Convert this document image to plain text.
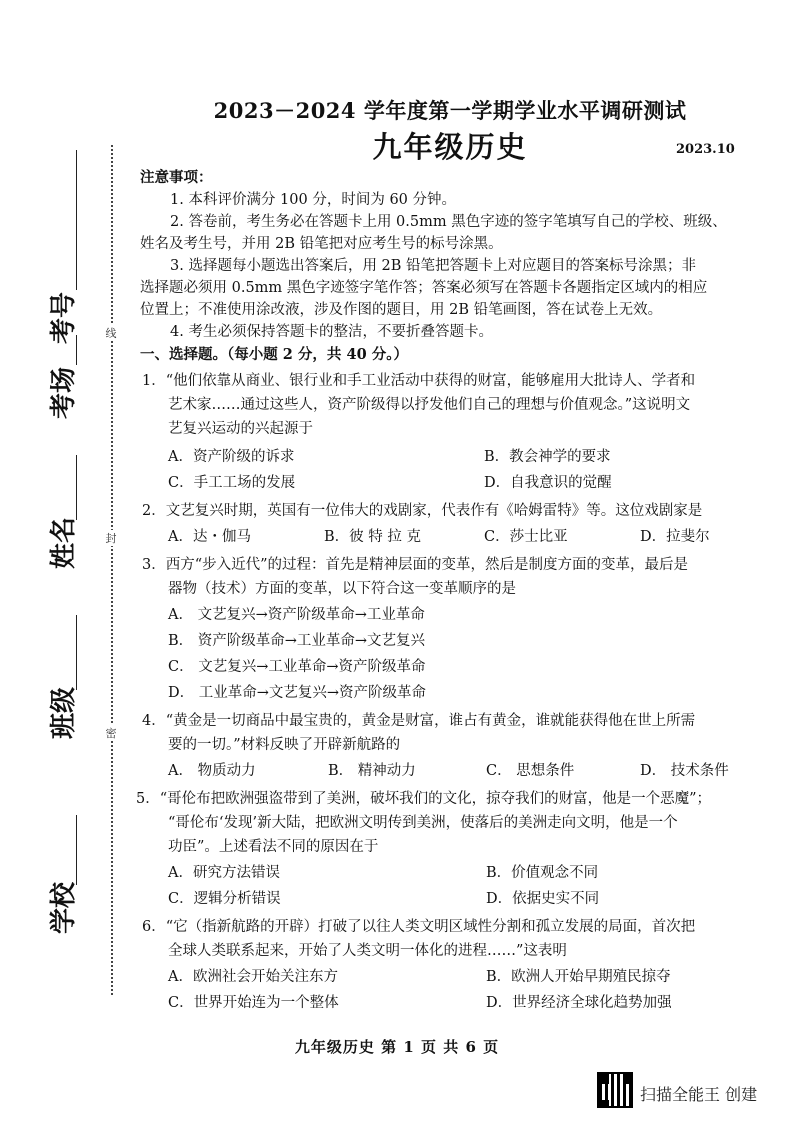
线
封
密
考号
考场
姓名
班级
学校
2023－2024 学年度第一学期学业水平调研测试
九年级历史	2023.10
注意事项：
1. 本科评价满分 100 分，时间为 60 分钟。
2. 答卷前，考生务必在答题卡上用 0.5mm 黑色字迹的签字笔填写自己的学校、班级、
姓名及考生号，并用 2B 铅笔把对应考生号的标号涂黑。
3. 选择题每小题选出答案后，用 2B 铅笔把答题卡上对应题目的答案标号涂黑；非
选择题必须用 0.5mm 黑色字迹签字笔作答；答案必须写在答题卡各题指定区域内的相应
位置上；不准使用涂改液，涉及作图的题目，用 2B 铅笔画图，答在试卷上无效。
4. 考生必须保持答题卡的整洁，不要折叠答题卡。
一、选择题。（每小题 2 分，共 40 分。）
1．“他们依靠从商业、银行业和手工业活动中获得的财富，能够雇用大批诗人、学者和
艺术家……通过这些人，资产阶级得以抒发他们自己的理想与价值观念。”这说明文
艺复兴运动的兴起源于
A．资产阶级的诉求	B．教会神学的要求
C．手工工场的发展	D．自我意识的觉醒
2．文艺复兴时期，英国有一位伟大的戏剧家，代表作有《哈姆雷特》等。这位戏剧家是
A．达・伽马	B．彼 特 拉 克	C．莎士比亚	D．拉斐尔
3．西方“步入近代”的过程：首先是精神层面的变革，然后是制度方面的变革，最后是
器物（技术）方面的变革，以下符合这一变革顺序的是
A． 文艺复兴→资产阶级革命→工业革命
B． 资产阶级革命→工业革命→文艺复兴
C． 文艺复兴→工业革命→资产阶级革命
D． 工业革命→文艺复兴→资产阶级革命
4．“黄金是一切商品中最宝贵的，黄金是财富，谁占有黄金，谁就能获得他在世上所需
要的一切。”材料反映了开辟新航路的
A． 物质动力	B． 精神动力	C． 思想条件	D． 技术条件
5．“哥伦布把欧洲强盗带到了美洲，破坏我们的文化，掠夺我们的财富，他是一个恶魔”；
“哥伦布‘发现’新大陆，把欧洲文明传到美洲，使落后的美洲走向文明，他是一个
功臣”。上述看法不同的原因在于
A．研究方法错误	B．价值观念不同
C．逻辑分析错误	D．依据史实不同
6．“它（指新航路的开辟）打破了以往人类文明区域性分割和孤立发展的局面，首次把
全球人类联系起来，开始了人类文明一体化的进程……”这表明
A．欧洲社会开始关注东方	B．欧洲人开始早期殖民掠夺
C．世界开始连为一个整体	D．世界经济全球化趋势加强
九年级历史 第 1 页 共 6 页
扫描全能王 创建
